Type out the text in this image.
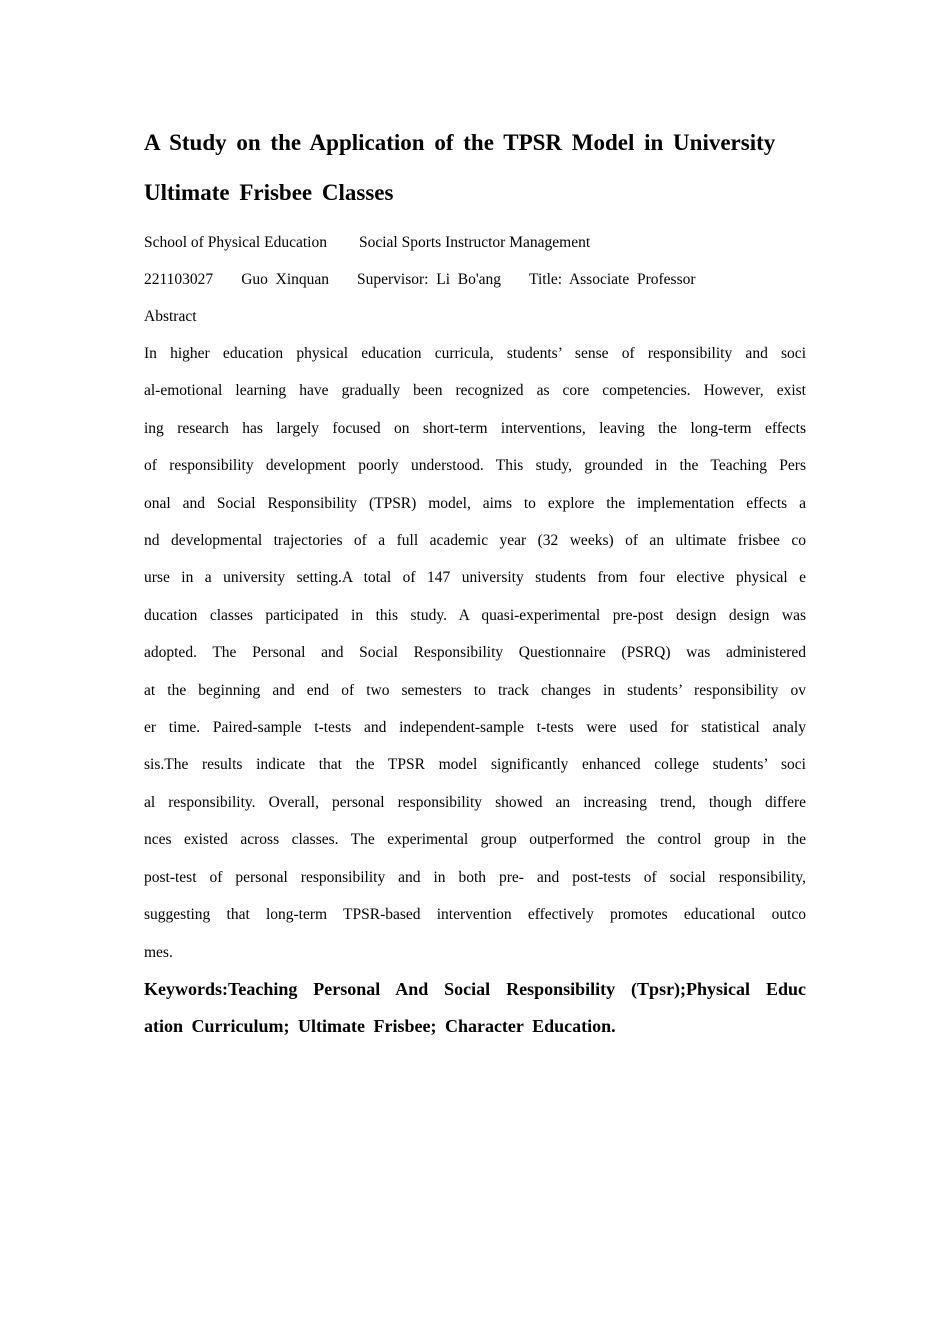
A Study on the Application of the TPSR Model in University
Ultimate Frisbee Classes

School of Physical Education Social Sports Instructor Management

221103027 Guo  Xinquan Supervisor:  Li  Bo'ang Title:  Associate  Professor

Abstract

In higher education physical education curricula, students’ sense of responsibility and soci
al-emotional learning have gradually been recognized as core competencies. However, exist
ing research has largely focused on short-term interventions, leaving the long-term effects
of responsibility development poorly understood. This study, grounded in the Teaching Pers
onal and Social Responsibility (TPSR) model, aims to explore the implementation effects a
nd developmental trajectories of a full academic year (32 weeks) of an ultimate frisbee co
urse in a university setting.A total of 147 university students from four elective physical e
ducation classes participated in this study. A quasi-experimental pre-post design design was
adopted. The Personal and Social Responsibility Questionnaire (PSRQ) was administered
at the beginning and end of two semesters to track changes in students’ responsibility ov
er time. Paired-sample t-tests and independent-sample t-tests were used for statistical analy
sis.The results indicate that the TPSR model significantly enhanced college students’ soci
al responsibility. Overall, personal responsibility showed an increasing trend, though differe
nces existed across classes. The experimental group outperformed the control group in the
post-test of personal responsibility and in both pre- and post-tests of social responsibility,
suggesting that long-term TPSR-based intervention effectively promotes educational outco
mes.
Keywords:Teaching Personal And Social Responsibility (Tpsr);Physical Educ
ation Curriculum; Ultimate Frisbee; Character Education.
